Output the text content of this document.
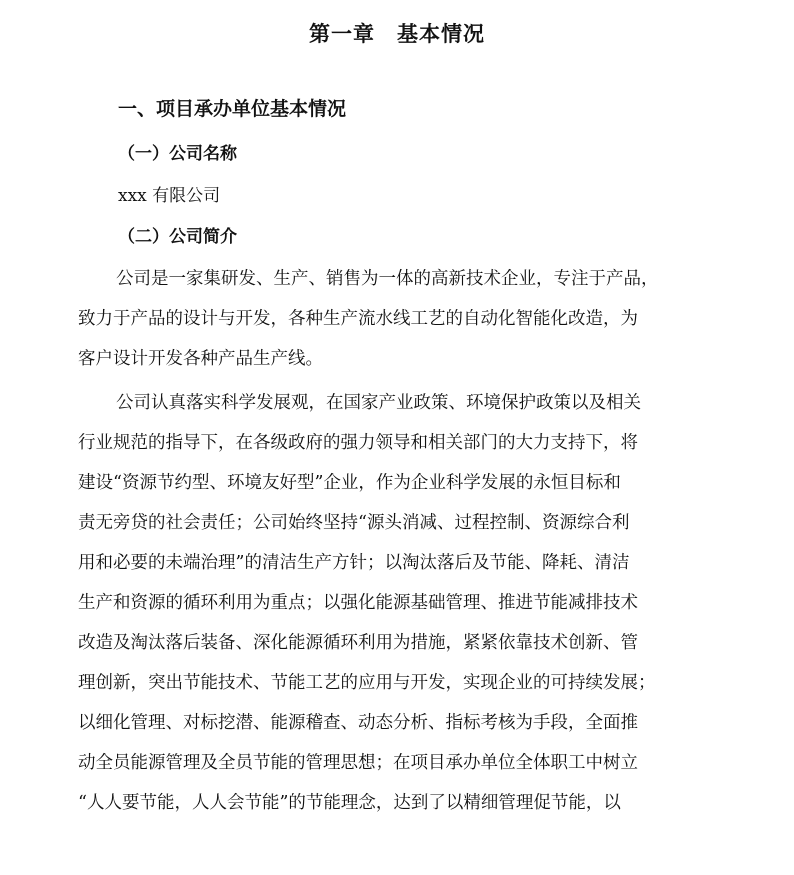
第一章　基本情况
一、项目承办单位基本情况
（一）公司名称
xxx 有限公司
（二）公司简介
公司是一家集研发、生产、销售为一体的高新技术企业，专注于产品，
致力于产品的设计与开发，各种生产流水线工艺的自动化智能化改造，为
客户设计开发各种产品生产线。
公司认真落实科学发展观，在国家产业政策、环境保护政策以及相关
行业规范的指导下，在各级政府的强力领导和相关部门的大力支持下，将
建设“资源节约型、环境友好型”企业，作为企业科学发展的永恒目标和
责无旁贷的社会责任；公司始终坚持“源头消减、过程控制、资源综合利
用和必要的未端治理”的清洁生产方针；以淘汰落后及节能、降耗、清洁
生产和资源的循环利用为重点；以强化能源基础管理、推进节能减排技术
改造及淘汰落后装备、深化能源循环利用为措施，紧紧依靠技术创新、管
理创新，突出节能技术、节能工艺的应用与开发，实现企业的可持续发展；
以细化管理、对标挖潜、能源稽查、动态分析、指标考核为手段，全面推
动全员能源管理及全员节能的管理思想；在项目承办单位全体职工中树立
“人人要节能，人人会节能”的节能理念，达到了以精细管理促节能，以
